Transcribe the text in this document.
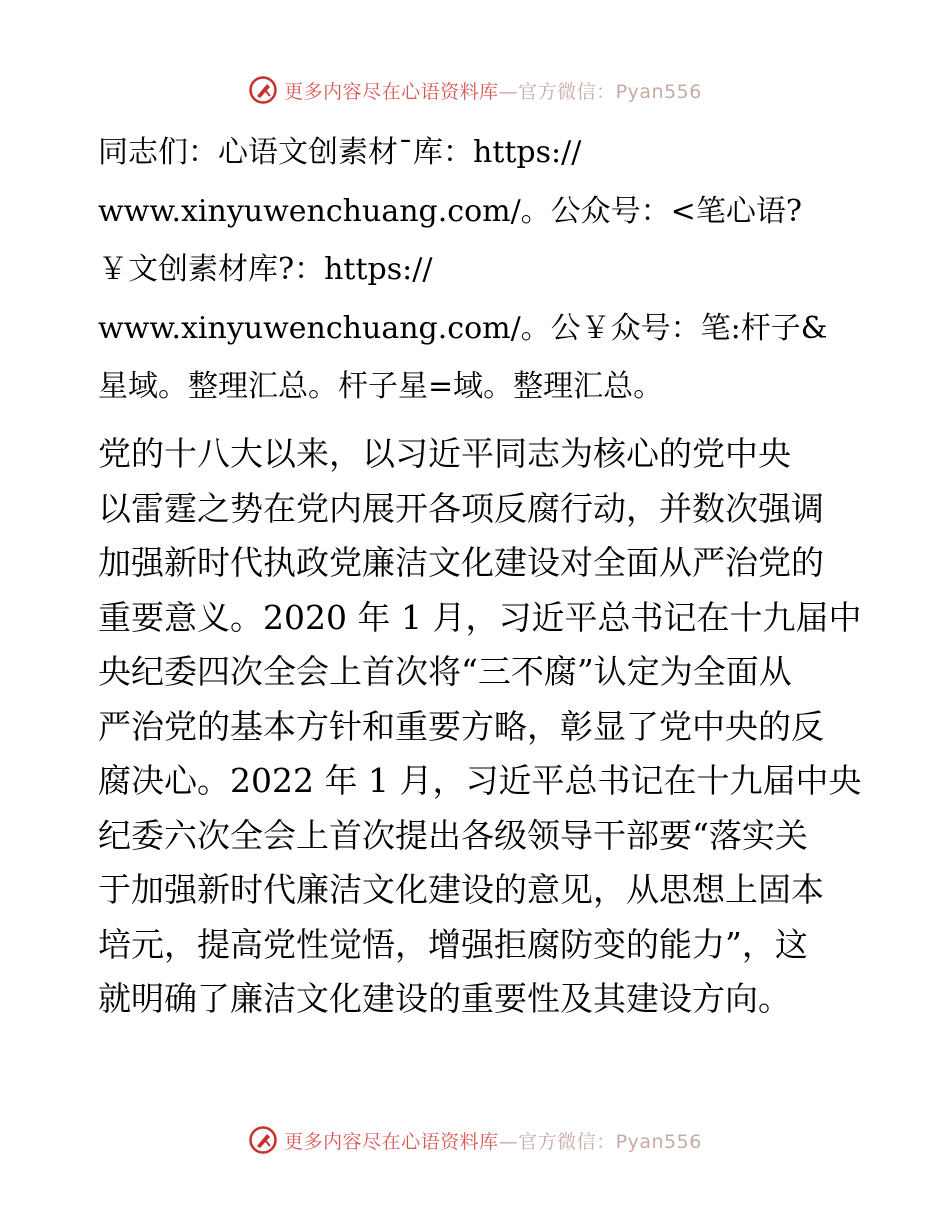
更多内容尽在心语资料库—官方微信：Pyan556
同志们：心语文创素材¯库：https://
www.xinyuwenchuang.com/。公众号：<笔心语?
￥文创素材库?：https://
www.xinyuwenchuang.com/。公￥众号：笔:杆子&
星域。整理汇总。杆子星=域。整理汇总。
党的十八大以来，以习近平同志为核心的党中央
以雷霆之势在党内展开各项反腐行动，并数次强调
加强新时代执政党廉洁文化建设对全面从严治党的
重要意义。2020 年 1 月，习近平总书记在十九届中
央纪委四次全会上首次将“三不腐”认定为全面从
严治党的基本方针和重要方略，彰显了党中央的反
腐决心。2022 年 1 月，习近平总书记在十九届中央
纪委六次全会上首次提出各级领导干部要“落实关
于加强新时代廉洁文化建设的意见，从思想上固本
培元，提高党性觉悟，增强拒腐防变的能力”，这
就明确了廉洁文化建设的重要性及其建设方向。
更多内容尽在心语资料库—官方微信：Pyan556
